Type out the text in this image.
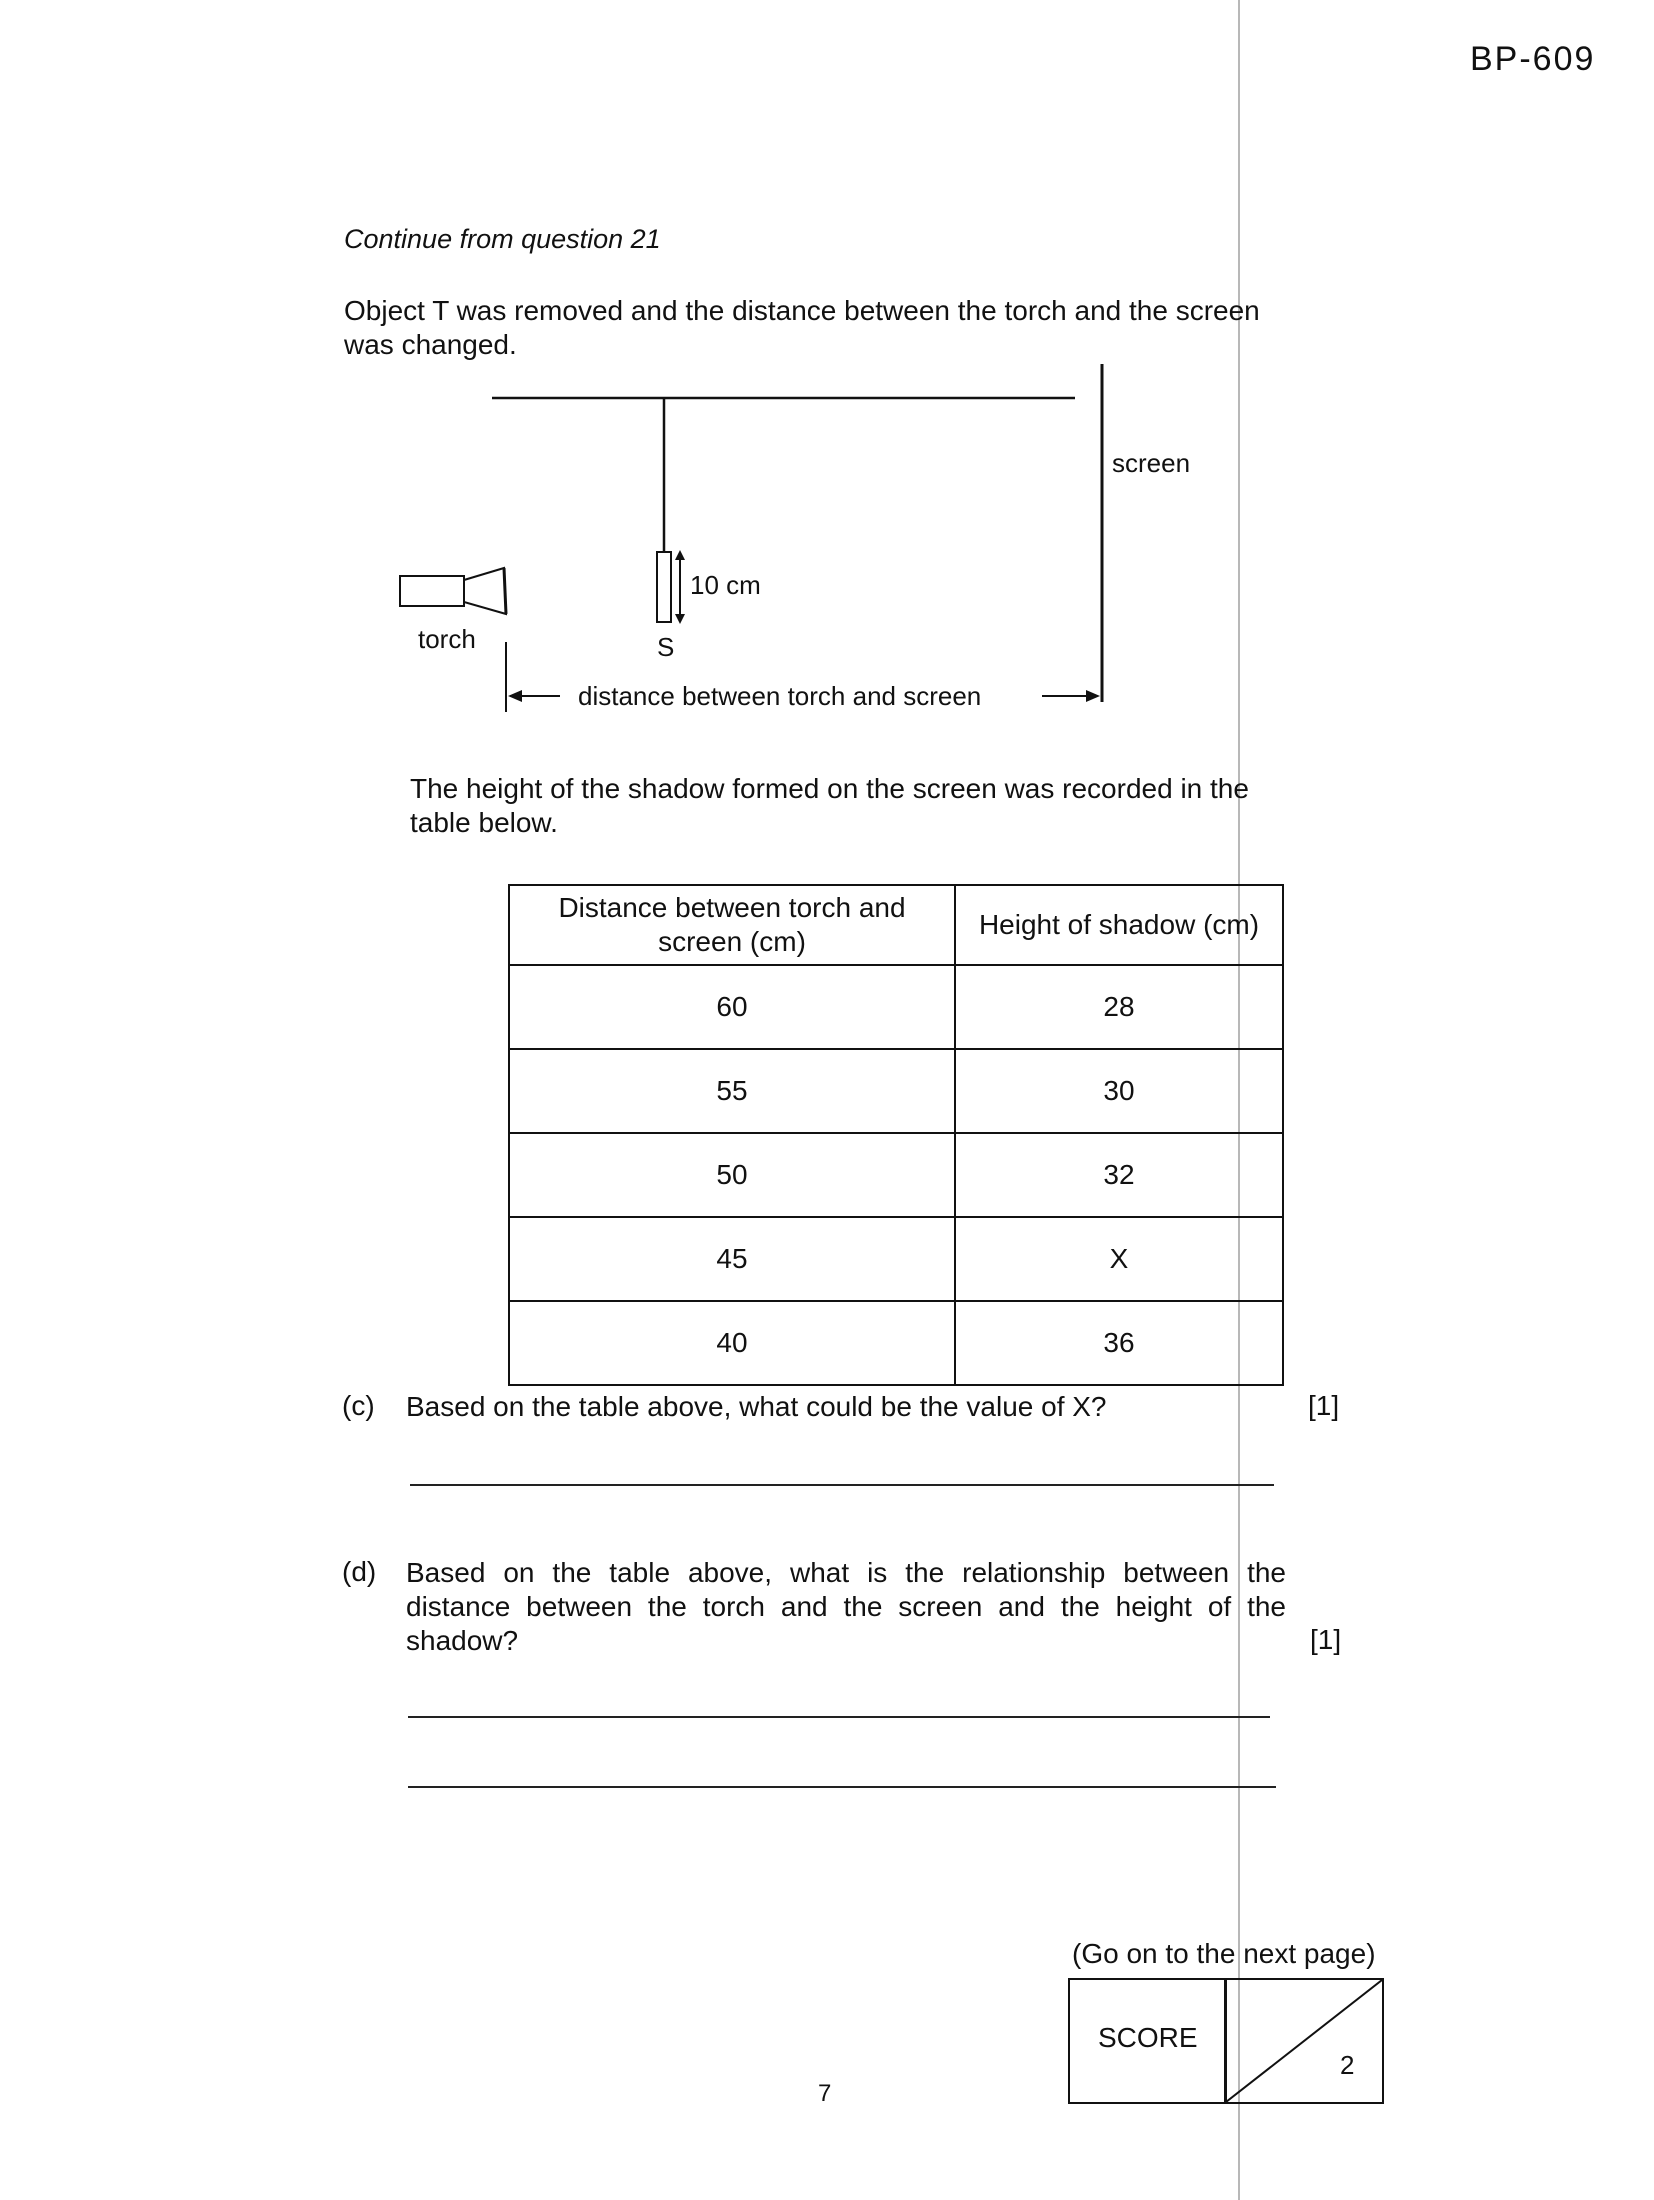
BP-609
Continue from question 21
Object T was removed and the distance between the torch and the screen was changed.
10 cm
S
screen
torch
distance between torch and screen
The height of the shadow formed on the screen was recorded in the table below.
Distance between torch and screen (cm)	Height of shadow (cm)
60	28
55	30
50	32
45	X
40	36
(c) Based on the table above, what could be the value of X?	[1]
(d) Based on the table above, what is the relationship between the distance between the torch and the screen and the height of the shadow?	[1]
(Go on to the next page)
SCORE
2
7
